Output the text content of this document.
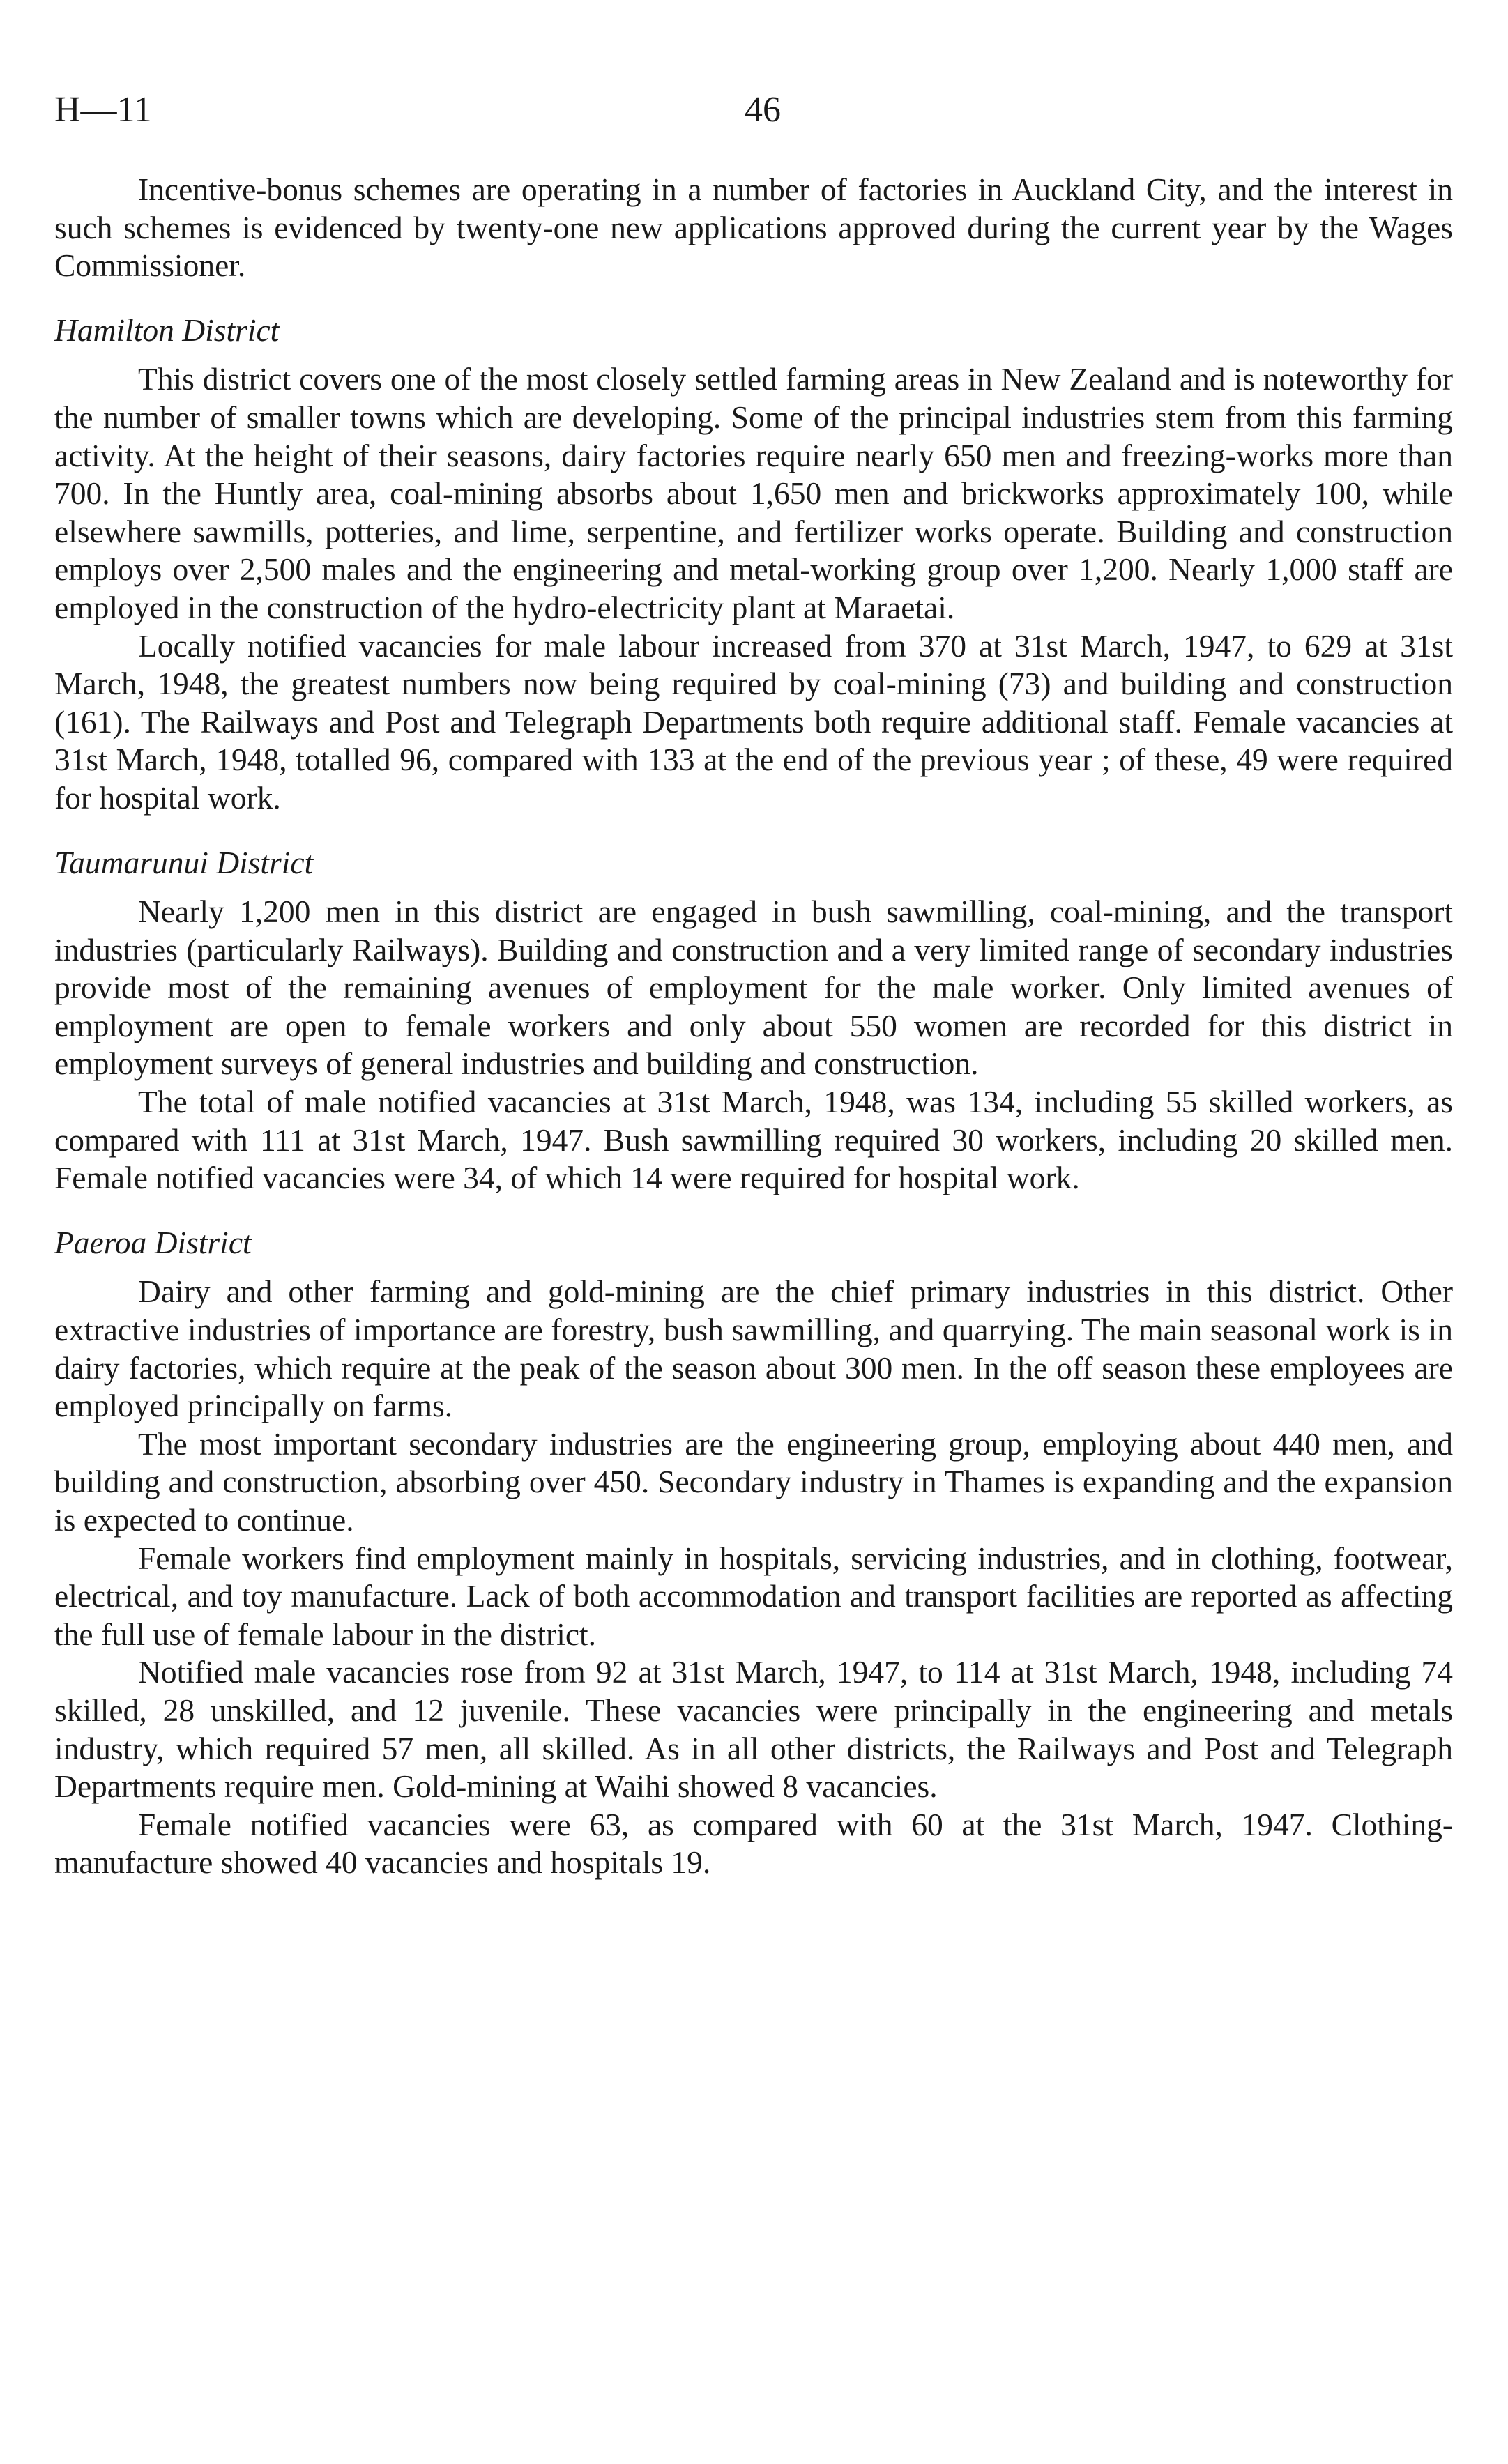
H—11	46

Incentive-bonus schemes are operating in a number of factories in Auckland City, and the interest in such schemes is evidenced by twenty-one new applications approved during the current year by the Wages Commissioner.

Hamilton District

This district covers one of the most closely settled farming areas in New Zealand and is noteworthy for the number of smaller towns which are developing. Some of the principal industries stem from this farming activity. At the height of their seasons, dairy factories require nearly 650 men and freezing-works more than 700. In the Huntly area, coal-mining absorbs about 1,650 men and brickworks approximately 100, while elsewhere sawmills, potteries, and lime, serpentine, and fertilizer works operate. Building and construction employs over 2,500 males and the engineering and metal-working group over 1,200. Nearly 1,000 staff are employed in the construction of the hydro-electricity plant at Maraetai.

Locally notified vacancies for male labour increased from 370 at 31st March, 1947, to 629 at 31st March, 1948, the greatest numbers now being required by coal-mining (73) and building and construction (161). The Railways and Post and Telegraph Departments both require additional staff. Female vacancies at 31st March, 1948, totalled 96, compared with 133 at the end of the previous year ; of these, 49 were required for hospital work.

Taumarunui District

Nearly 1,200 men in this district are engaged in bush sawmilling, coal-mining, and the transport industries (particularly Railways). Building and construction and a very limited range of secondary industries provide most of the remaining avenues of employment for the male worker. Only limited avenues of employment are open to female workers and only about 550 women are recorded for this district in employment surveys of general industries and building and construction.

The total of male notified vacancies at 31st March, 1948, was 134, including 55 skilled workers, as compared with 111 at 31st March, 1947. Bush sawmilling required 30 workers, including 20 skilled men. Female notified vacancies were 34, of which 14 were required for hospital work.

Paeroa District

Dairy and other farming and gold-mining are the chief primary industries in this district. Other extractive industries of importance are forestry, bush sawmilling, and quarrying. The main seasonal work is in dairy factories, which require at the peak of the season about 300 men. In the off season these employees are employed principally on farms.

The most important secondary industries are the engineering group, employing about 440 men, and building and construction, absorbing over 450. Secondary industry in Thames is expanding and the expansion is expected to continue.

Female workers find employment mainly in hospitals, servicing industries, and in clothing, footwear, electrical, and toy manufacture. Lack of both accommodation and transport facilities are reported as affecting the full use of female labour in the district.

Notified male vacancies rose from 92 at 31st March, 1947, to 114 at 31st March, 1948, including 74 skilled, 28 unskilled, and 12 juvenile. These vacancies were principally in the engineering and metals industry, which required 57 men, all skilled. As in all other districts, the Railways and Post and Telegraph Departments require men. Gold-mining at Waihi showed 8 vacancies.

Female notified vacancies were 63, as compared with 60 at the 31st March, 1947. Clothing-manufacture showed 40 vacancies and hospitals 19.
